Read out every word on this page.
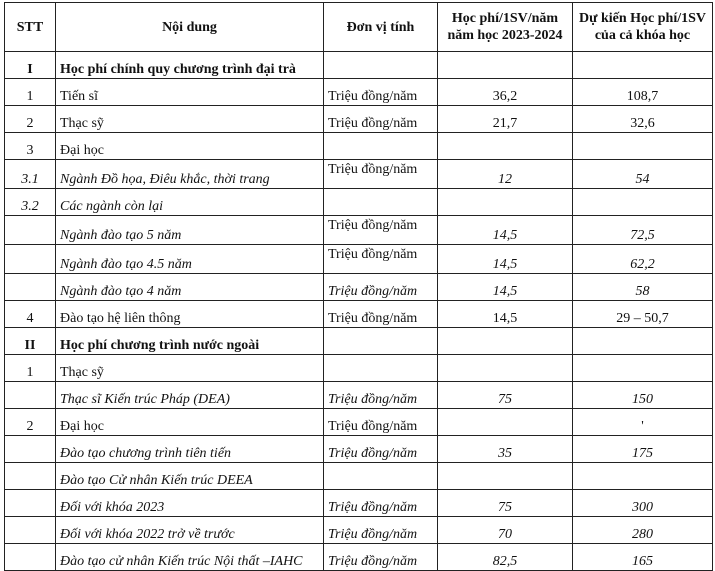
STT	Nội dung	Đơn vị tính	Học phí/1SV/năm năm học 2023-2024	Dự kiến Học phí/1SV của cả khóa học
I	Học phí chính quy chương trình đại trà			
1	Tiến sĩ	Triệu đồng/năm	36,2	108,7
2	Thạc sỹ	Triệu đồng/năm	21,7	32,6
3	Đại học			
3.1	Ngành Đồ họa, Điêu khắc, thời trang	Triệu đồng/năm	12	54
3.2	Các ngành còn lại			
	Ngành đào tạo 5 năm	Triệu đồng/năm	14,5	72,5
	Ngành đào tạo 4.5 năm	Triệu đồng/năm	14,5	62,2
	Ngành đào tạo 4 năm	Triệu đồng/năm	14,5	58
4	Đào tạo hệ liên thông	Triệu đồng/năm	14,5	29 – 50,7
II	Học phí chương trình nước ngoài			
1	Thạc sỹ			
	Thạc sĩ Kiến trúc Pháp (DEA)	Triệu đồng/năm	75	150
2	Đại học	Triệu đồng/năm		'
	Đào tạo chương trình tiên tiến	Triệu đồng/năm	35	175
	Đào tạo Cử nhân Kiến trúc DEEA			
	Đối với khóa 2023	Triệu đồng/năm	75	300
	Đối với khóa 2022 trở về trước	Triệu đồng/năm	70	280
	Đào tạo cử nhân Kiến trúc Nội thất –IAHC	Triệu đồng/năm	82,5	165
